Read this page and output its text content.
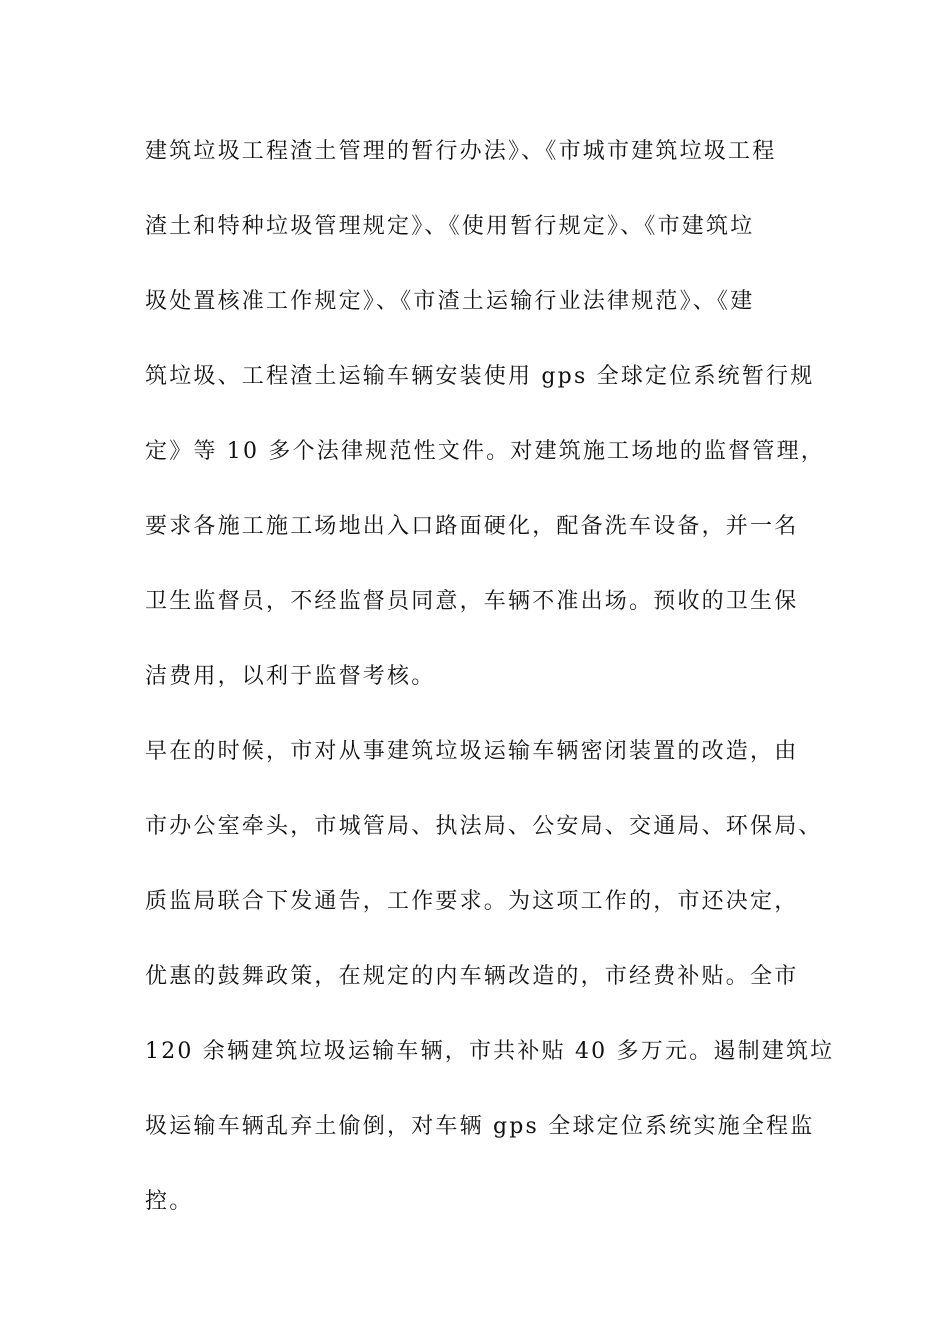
建筑垃圾工程渣土管理的暂行办法》、《市城市建筑垃圾工程
渣土和特种垃圾管理规定》、《使用暂行规定》、《市建筑垃
圾处置核准工作规定》、《市渣土运输行业法律规范》、《建
筑垃圾、工程渣土运输车辆安装使用 gps 全球定位系统暂行规
定》等 10 多个法律规范性文件。对建筑施工场地的监督管理，
要求各施工施工场地出入口路面硬化，配备洗车设备，并一名
卫生监督员，不经监督员同意，车辆不准出场。预收的卫生保
洁费用，以利于监督考核。
早在的时候，市对从事建筑垃圾运输车辆密闭装置的改造，由
市办公室牵头，市城管局、执法局、公安局、交通局、环保局、
质监局联合下发通告，工作要求。为这项工作的，市还决定，
优惠的鼓舞政策，在规定的内车辆改造的，市经费补贴。全市
120 余辆建筑垃圾运输车辆，市共补贴 40 多万元。遏制建筑垃
圾运输车辆乱弃土偷倒，对车辆 gps 全球定位系统实施全程监
控。
